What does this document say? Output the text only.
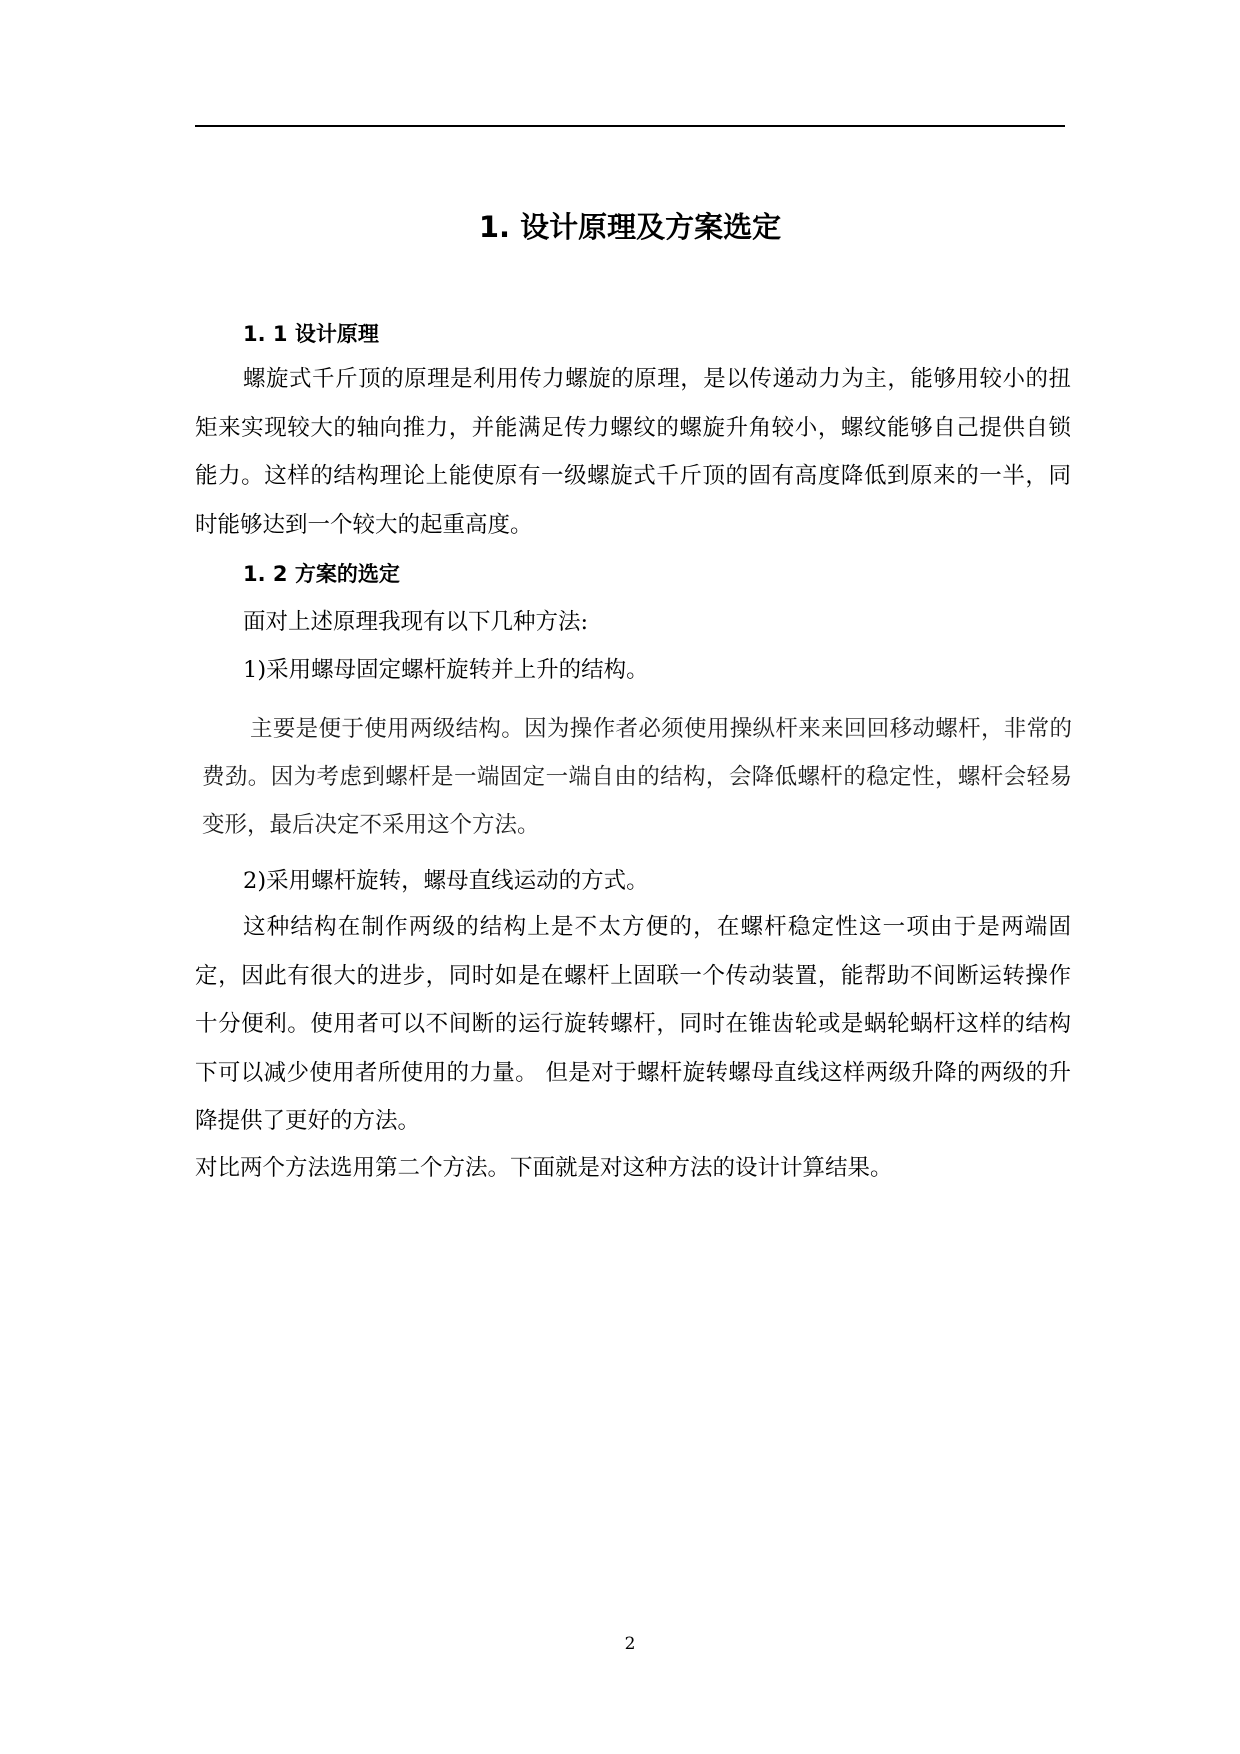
1. 设计原理及方案选定
1. 1 设计原理

螺旋式千斤顶的原理是利用传力螺旋的原理，是以传递动力为主，能够用较小的扭矩来实现较大的轴向推力，并能满足传力螺纹的螺旋升角较小，螺纹能够自己提供自锁能力。这样的结构理论上能使原有一级螺旋式千斤顶的固有高度降低到原来的一半，同时能够达到一个较大的起重高度。

1. 2 方案的选定

面对上述原理我现有以下几种方法:

1)采用螺母固定螺杆旋转并上升的结构。

主要是便于使用两级结构。因为操作者必须使用操纵杆来来回回移动螺杆，非常的费劲。因为考虑到螺杆是一端固定一端自由的结构，会降低螺杆的稳定性，螺杆会轻易变形，最后决定不采用这个方法。

2)采用螺杆旋转，螺母直线运动的方式。

这种结构在制作两级的结构上是不太方便的，在螺杆稳定性这一项由于是两端固定，因此有很大的进步，同时如是在螺杆上固联一个传动装置，能帮助不间断运转操作十分便利。使用者可以不间断的运行旋转螺杆，同时在锥齿轮或是蜗轮蜗杆这样的结构下可以减少使用者所使用的力量。 但是对于螺杆旋转螺母直线这样两级升降的两级的升降提供了更好的方法。

对比两个方法选用第二个方法。下面就是对这种方法的设计计算结果。

2
